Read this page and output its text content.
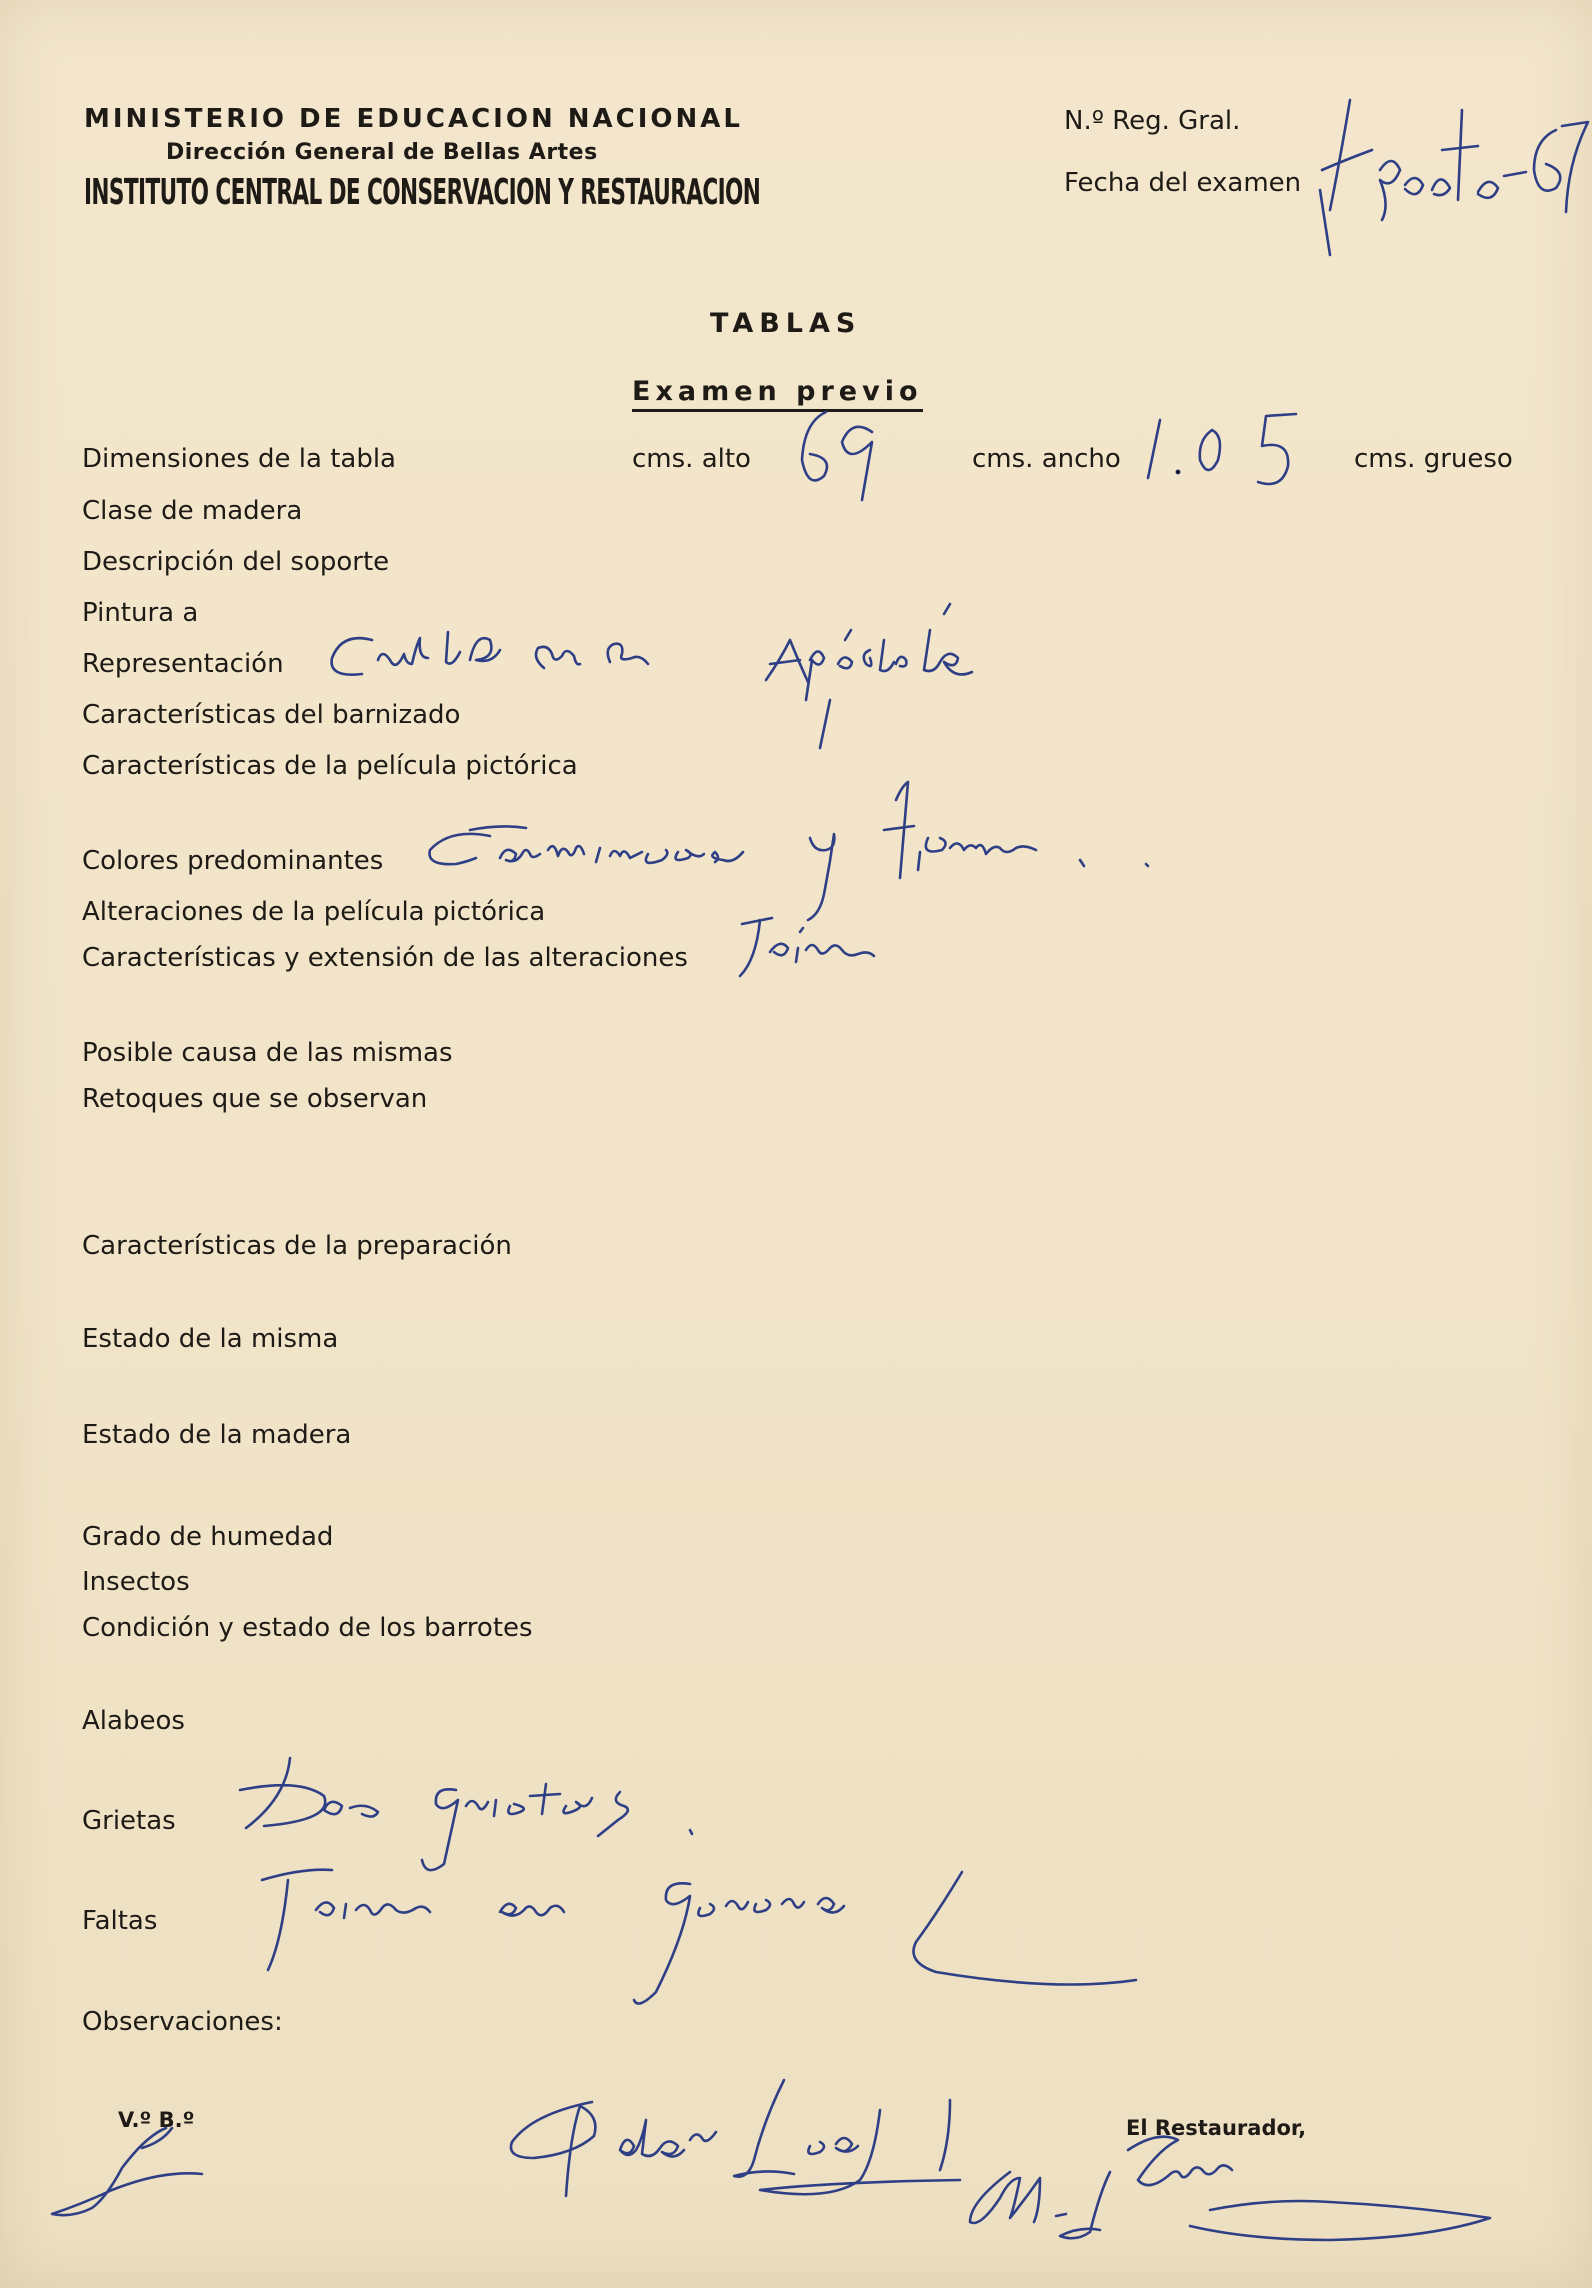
MINISTERIO DE EDUCACION NACIONAL
Dirección General de Bellas Artes
INSTITUTO CENTRAL DE CONSERVACION Y RESTAURACION
N.º Reg. Gral.
Fecha del examen
TABLAS
Examen previo
Dimensiones de la tabla	cms. alto	cms. ancho	cms. grueso
Clase de madera
Descripción del soporte
Pintura a
Representación
Características del barnizado
Características de la película pictórica
Colores predominantes
Alteraciones de la película pictórica
Características y extensión de las alteraciones
Posible causa de las mismas
Retoques que se observan
Características de la preparación
Estado de la misma
Estado de la madera
Grado de humedad
Insectos
Condición y estado de los barrotes
Alabeos
Grietas
Faltas
Observaciones:
V.º B.º	El Restaurador,
